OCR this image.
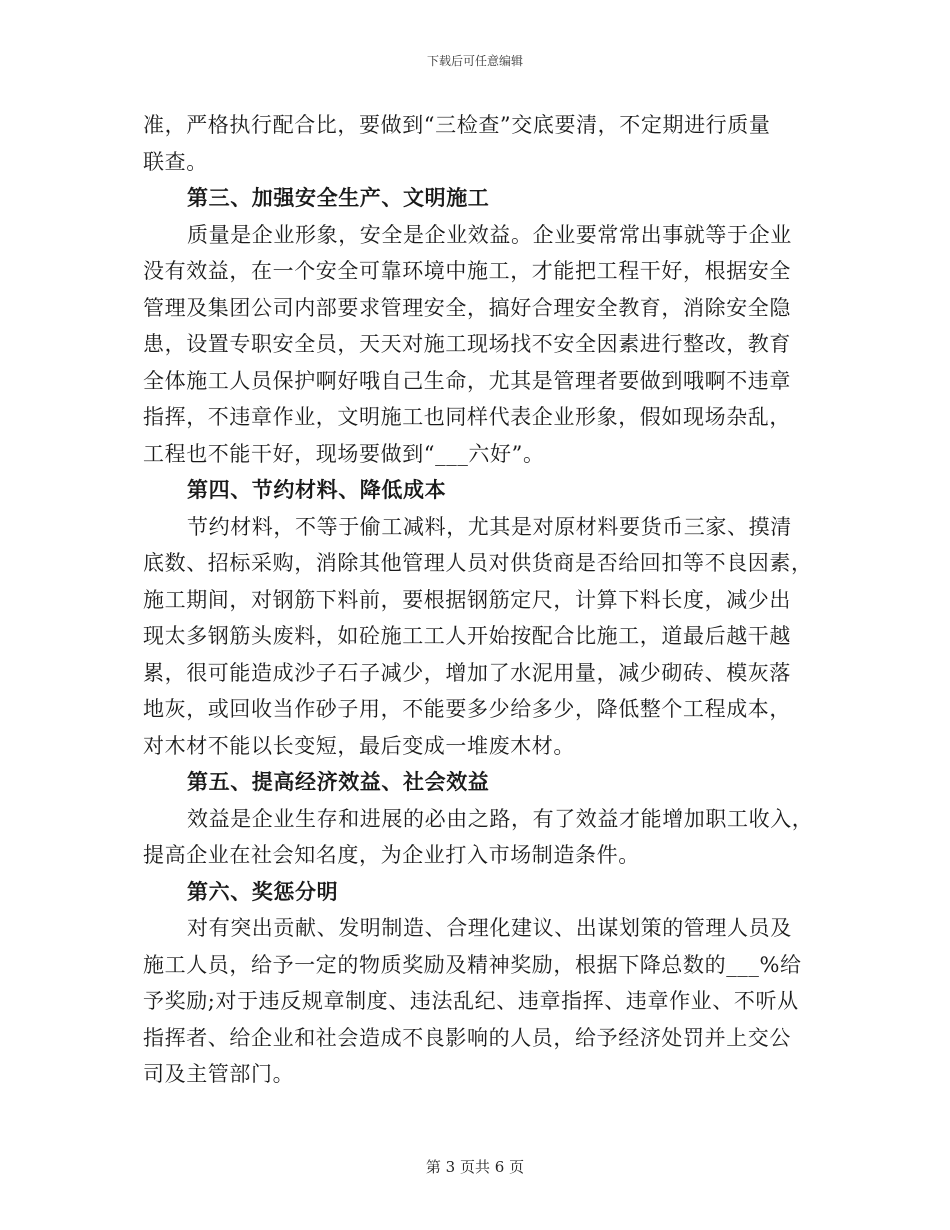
下载后可任意编辑
准，严格执行配合比，要做到“三检查”交底要清，不定期进行质量
联查。
第三、加强安全生产、文明施工
质量是企业形象，安全是企业效益。企业要常常出事就等于企业
没有效益，在一个安全可靠环境中施工，才能把工程干好，根据安全
管理及集团公司内部要求管理安全，搞好合理安全教育，消除安全隐
患，设置专职安全员，天天对施工现场找不安全因素进行整改，教育
全体施工人员保护啊好哦自己生命，尤其是管理者要做到哦啊不违章
指挥，不违章作业，文明施工也同样代表企业形象，假如现场杂乱，
工程也不能干好，现场要做到“___六好”。
第四、节约材料、降低成本
节约材料，不等于偷工减料，尤其是对原材料要货币三家、摸清
底数、招标采购，消除其他管理人员对供货商是否给回扣等不良因素，
施工期间，对钢筋下料前，要根据钢筋定尺，计算下料长度，减少出
现太多钢筋头废料，如砼施工工人开始按配合比施工，道最后越干越
累，很可能造成沙子石子减少，增加了水泥用量，减少砌砖、模灰落
地灰，或回收当作砂子用，不能要多少给多少，降低整个工程成本，
对木材不能以长变短，最后变成一堆废木材。
第五、提高经济效益、社会效益
效益是企业生存和进展的必由之路，有了效益才能增加职工收入，
提高企业在社会知名度，为企业打入市场制造条件。
第六、奖惩分明
对有突出贡献、发明制造、合理化建议、出谋划策的管理人员及
施工人员，给予一定的物质奖励及精神奖励，根据下降总数的___%给
予奖励;对于违反规章制度、违法乱纪、违章指挥、违章作业、不听从
指挥者、给企业和社会造成不良影响的人员，给予经济处罚并上交公
司及主管部门。
第 3 页共 6 页
